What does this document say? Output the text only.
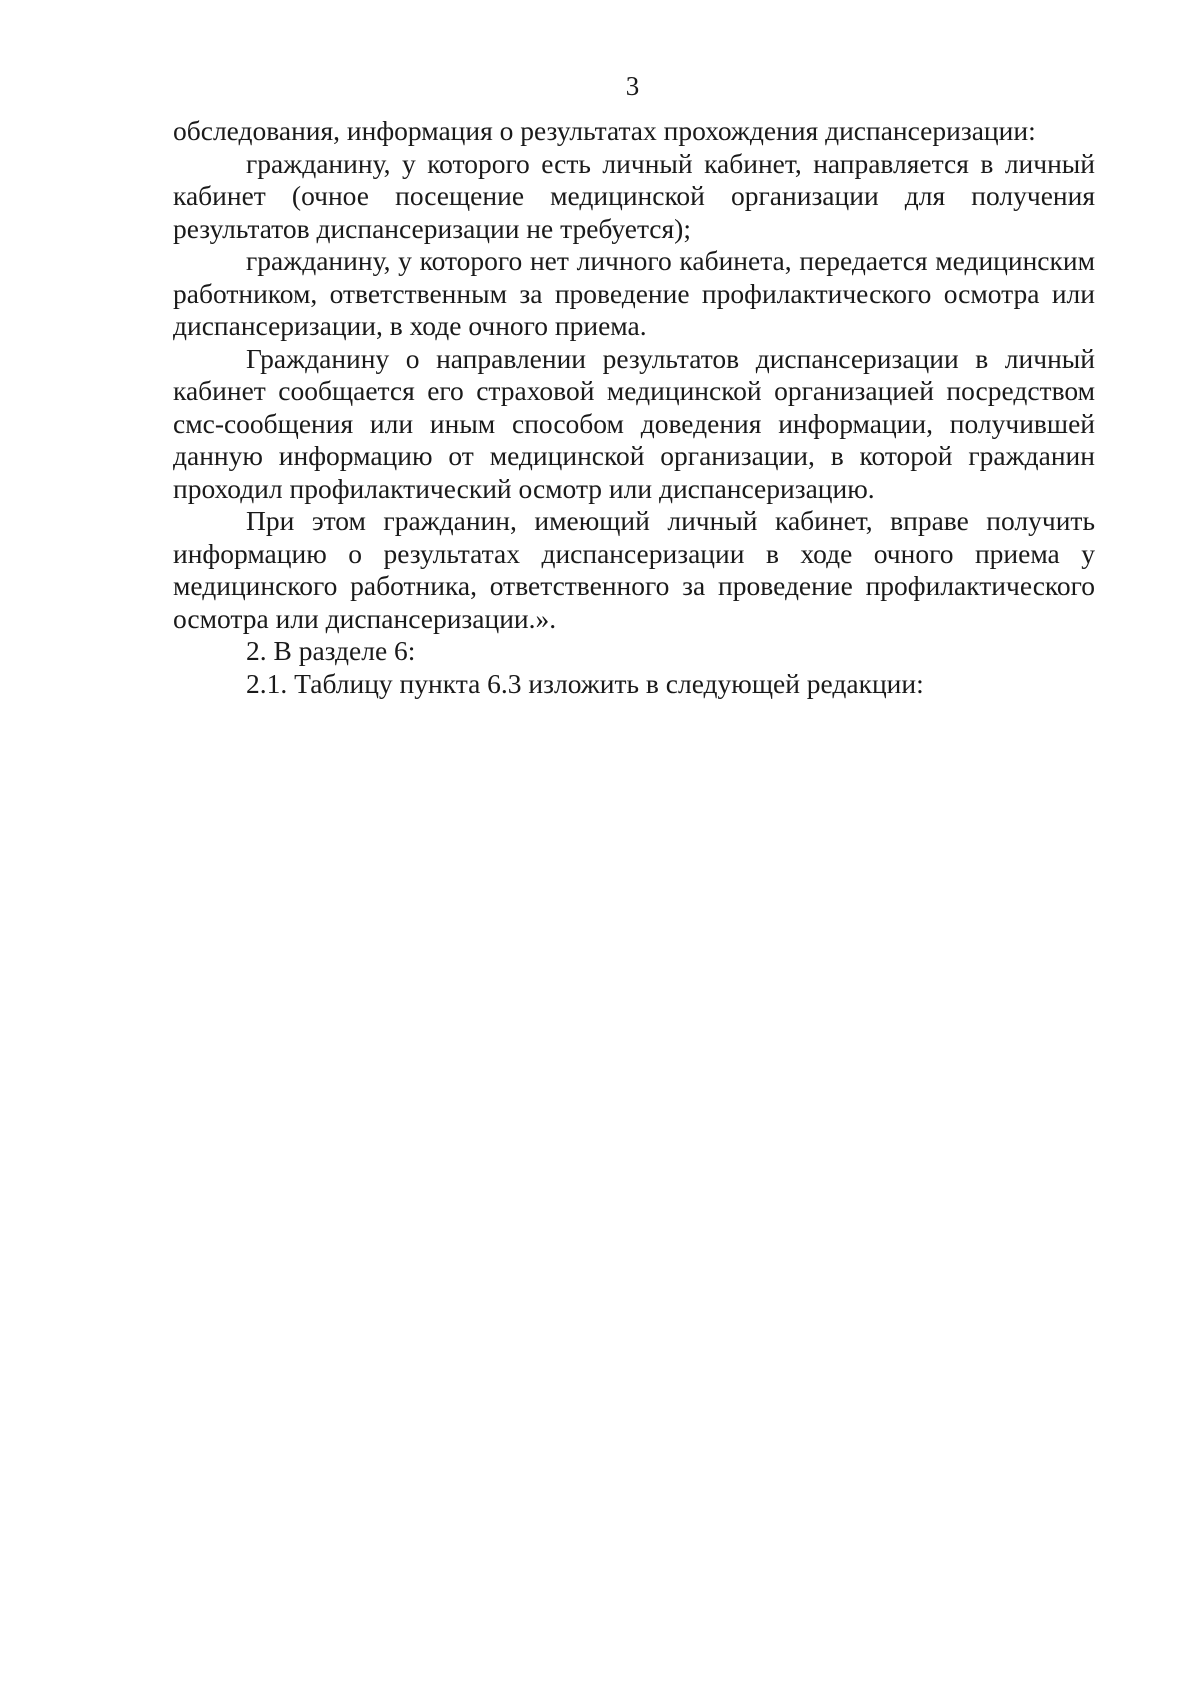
3

обследования, информация о результатах прохождения диспансеризации:

гражданину, у которого есть личный кабинет, направляется в личный кабинет (очное посещение медицинской организации для получения результатов диспансеризации не требуется);

гражданину, у которого нет личного кабинета, передается медицинским работником, ответственным за проведение профилактического осмотра или диспансеризации, в ходе очного приема.

Гражданину о направлении результатов диспансеризации в личный кабинет сообщается его страховой медицинской организацией посредством смс-сообщения или иным способом доведения информации, получившей данную информацию от медицинской организации, в которой гражданин проходил профилактический осмотр или диспансеризацию.

При этом гражданин, имеющий личный кабинет, вправе получить информацию о результатах диспансеризации в ходе очного приема у медицинского работника, ответственного за проведение профилактического осмотра или диспансеризации.».

2. В разделе 6:

2.1. Таблицу пункта 6.3 изложить в следующей редакции:
